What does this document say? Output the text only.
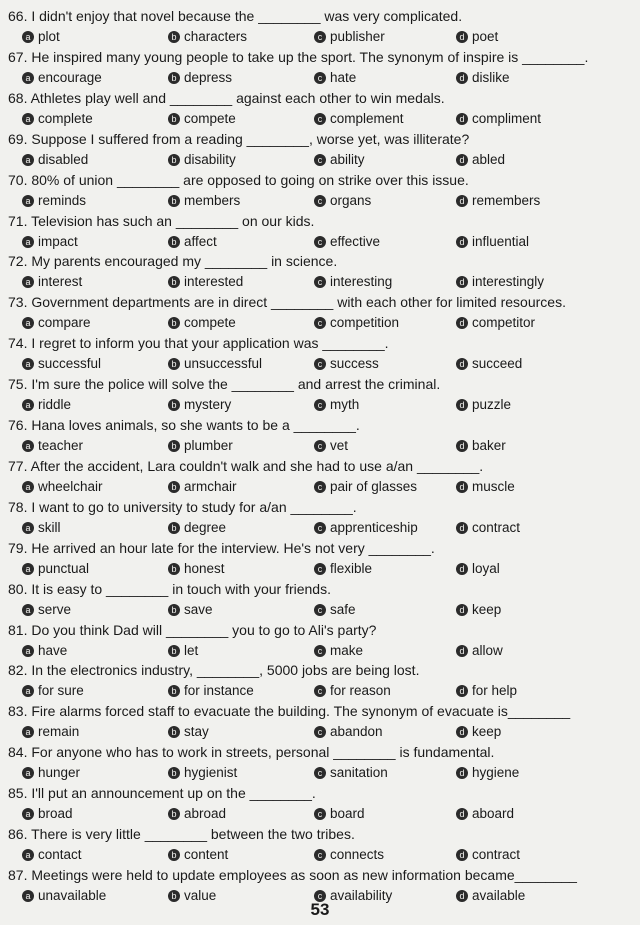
66. I didn't enjoy that novel because the ________ was very complicated.
a plot	b characters	c publisher	d poet
67. He inspired many young people to take up the sport. The synonym of inspire is ________.
a encourage	b depress	c hate	d dislike
68. Athletes play well and ________ against each other to win medals.
a complete	b compete	c complement	d compliment
69. Suppose I suffered from a reading ________, worse yet, was illiterate?
a disabled	b disability	c ability	d abled
70. 80% of union ________ are opposed to going on strike over this issue.
a reminds	b members	c organs	d remembers
71. Television has such an ________ on our kids.
a impact	b affect	c effective	d influential
72. My parents encouraged my ________ in science.
a interest	b interested	c interesting	d interestingly
73. Government departments are in direct ________ with each other for limited resources.
a compare	b compete	c competition	d competitor
74. I regret to inform you that your application was ________.
a successful	b unsuccessful	c success	d succeed
75. I'm sure the police will solve the ________ and arrest the criminal.
a riddle	b mystery	c myth	d puzzle
76. Hana loves animals, so she wants to be a ________.
a teacher	b plumber	c vet	d baker
77. After the accident, Lara couldn't walk and she had to use a/an ________.
a wheelchair	b armchair	c pair of glasses	d muscle
78. I want to go to university to study for a/an ________.
a skill	b degree	c apprenticeship	d contract
79. He arrived an hour late for the interview. He's not very ________.
a punctual	b honest	c flexible	d loyal
80. It is easy to ________ in touch with your friends.
a serve	b save	c safe	d keep
81. Do you think Dad will ________ you to go to Ali's party?
a have	b let	c make	d allow
82. In the electronics industry, ________, 5000 jobs are being lost.
a for sure	b for instance	c for reason	d for help
83. Fire alarms forced staff to evacuate the building. The synonym of evacuate is________
a remain	b stay	c abandon	d keep
84. For anyone who has to work in streets, personal ________ is fundamental.
a hunger	b hygienist	c sanitation	d hygiene
85. I'll put an announcement up on the ________.
a broad	b abroad	c board	d aboard
86. There is very little ________ between the two tribes.
a contact	b content	c connects	d contract
87. Meetings were held to update employees as soon as new information became________
a unavailable	b value	c availability	d available
53
